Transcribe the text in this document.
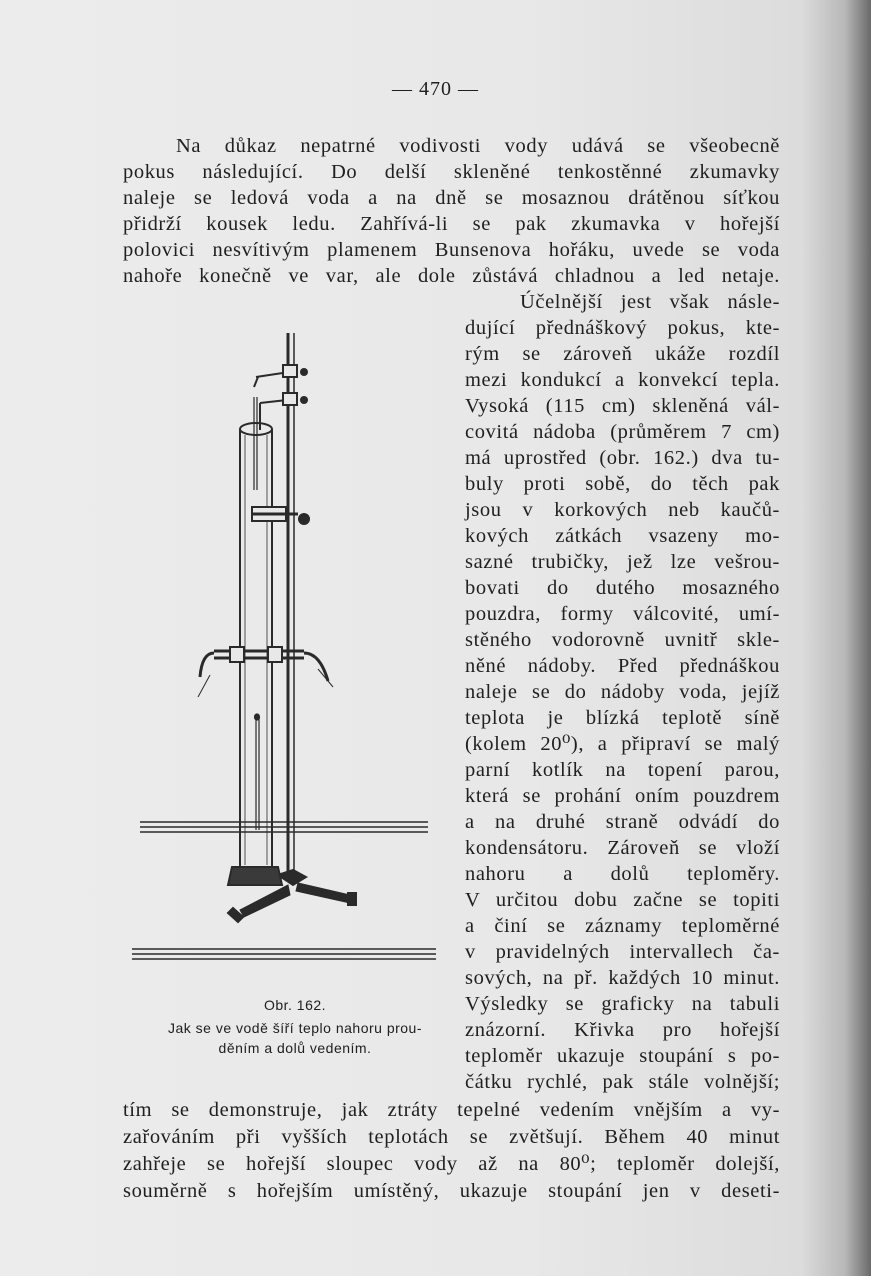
— 470 —
Na důkaz nepatrné vodivosti vody udává se všeobecně
pokus následující. Do delší skleněné tenkostěnné zkumavky
naleje se ledová voda a na dně se mosaznou drátěnou síťkou
přidrží kousek ledu. Zahřívá-li se pak zkumavka v hořejší
polovici nesvítivým plamenem Bunsenova hořáku, uvede se voda
nahoře konečně ve var, ale dole zůstává chladnou a led netaje.
Účelnější jest však násle-
dující přednáškový pokus, kte-
rým se zároveň ukáže rozdíl
mezi kondukcí a konvekcí tepla.
Vysoká (115 cm) skleněná vál-
covitá nádoba (průměrem 7 cm)
má uprostřed (obr. 162.) dva tu-
buly proti sobě, do těch pak
jsou v korkových neb kaučů-
kových zátkách vsazeny mo-
sazné trubičky, jež lze vešrou-
bovati do dutého mosazného
pouzdra, formy válcovité, umí-
stěného vodorovně uvnitř skle-
něné nádoby. Před přednáškou
naleje se do nádoby voda, jejíž
teplota je blízká teplotě síně
(kolem 20⁰), a připraví se malý
parní kotlík na topení parou,
která se prohání oním pouzdrem
a na druhé straně odvádí do
kondensátoru. Zároveň se vloží
nahoru a dolů teploměry.
V určitou dobu začne se topiti
a činí se záznamy teploměrné
v pravidelných intervallech ča-
sových, na př. každých 10 minut.
Výsledky se graficky na tabuli
znázorní. Křivka pro hořejší
teploměr ukazuje stoupání s po-
čátku rychlé, pak stále volnější;
tím se demonstruje, jak ztráty tepelné vedením vnějším a vy-
zařováním při vyšších teplotách se zvětšují. Během 40 minut
zahřeje se hořejší sloupec vody až na 80⁰; teploměr dolejší,
souměrně s hořejším umístěný, ukazuje stoupání jen v deseti-
Obr. 162.
Jak se ve vodě šíří teplo nahoru prou-
děním a dolů vedením.
